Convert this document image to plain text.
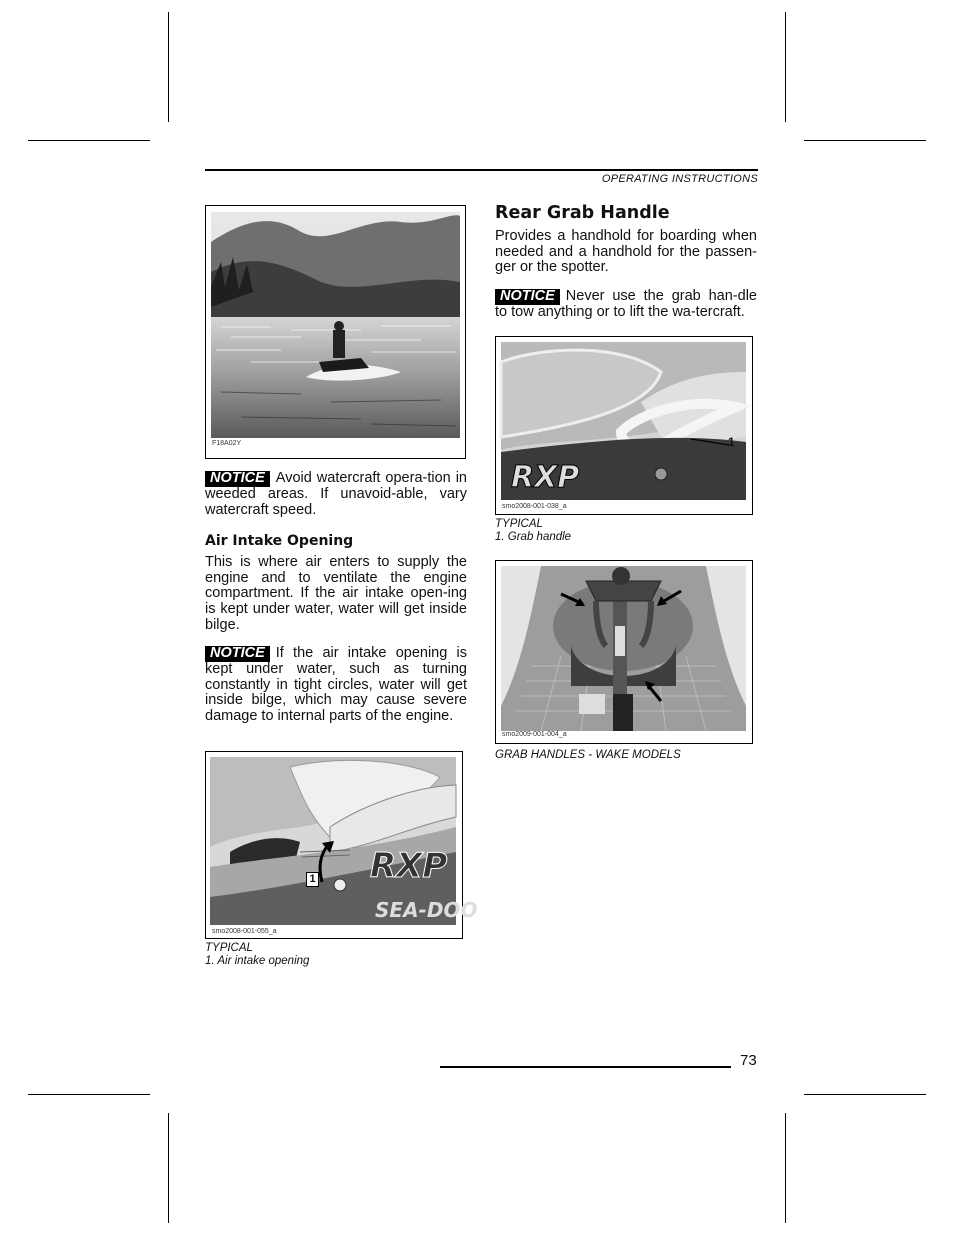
OPERATING INSTRUCTIONS
F18A02Y

NOTICE Avoid watercraft opera-tion in weeded areas. If unavoid-able, vary watercraft speed.

Air Intake Opening

This is where air enters to supply the engine and to ventilate the engine compartment. If the air intake open-ing is kept under water, water will get inside bilge.

NOTICE If the air intake opening is kept under water, such as turning constantly in tight circles, water will get inside bilge, which may cause severe damage to internal parts of the engine.

RXP
SEA-DOO
1
smo2008-001-055_a
TYPICAL
1. Air intake opening
Rear Grab Handle

Provides a handhold for boarding when needed and a handhold for the passen-ger or the spotter.

NOTICE Never use the grab han-dle to tow anything or to lift the wa-tercraft.

RXP
1
smo2008-001-038_a
TYPICAL
1. Grab handle
smo2009-001-004_a
GRAB HANDLES - WAKE MODELS
73
